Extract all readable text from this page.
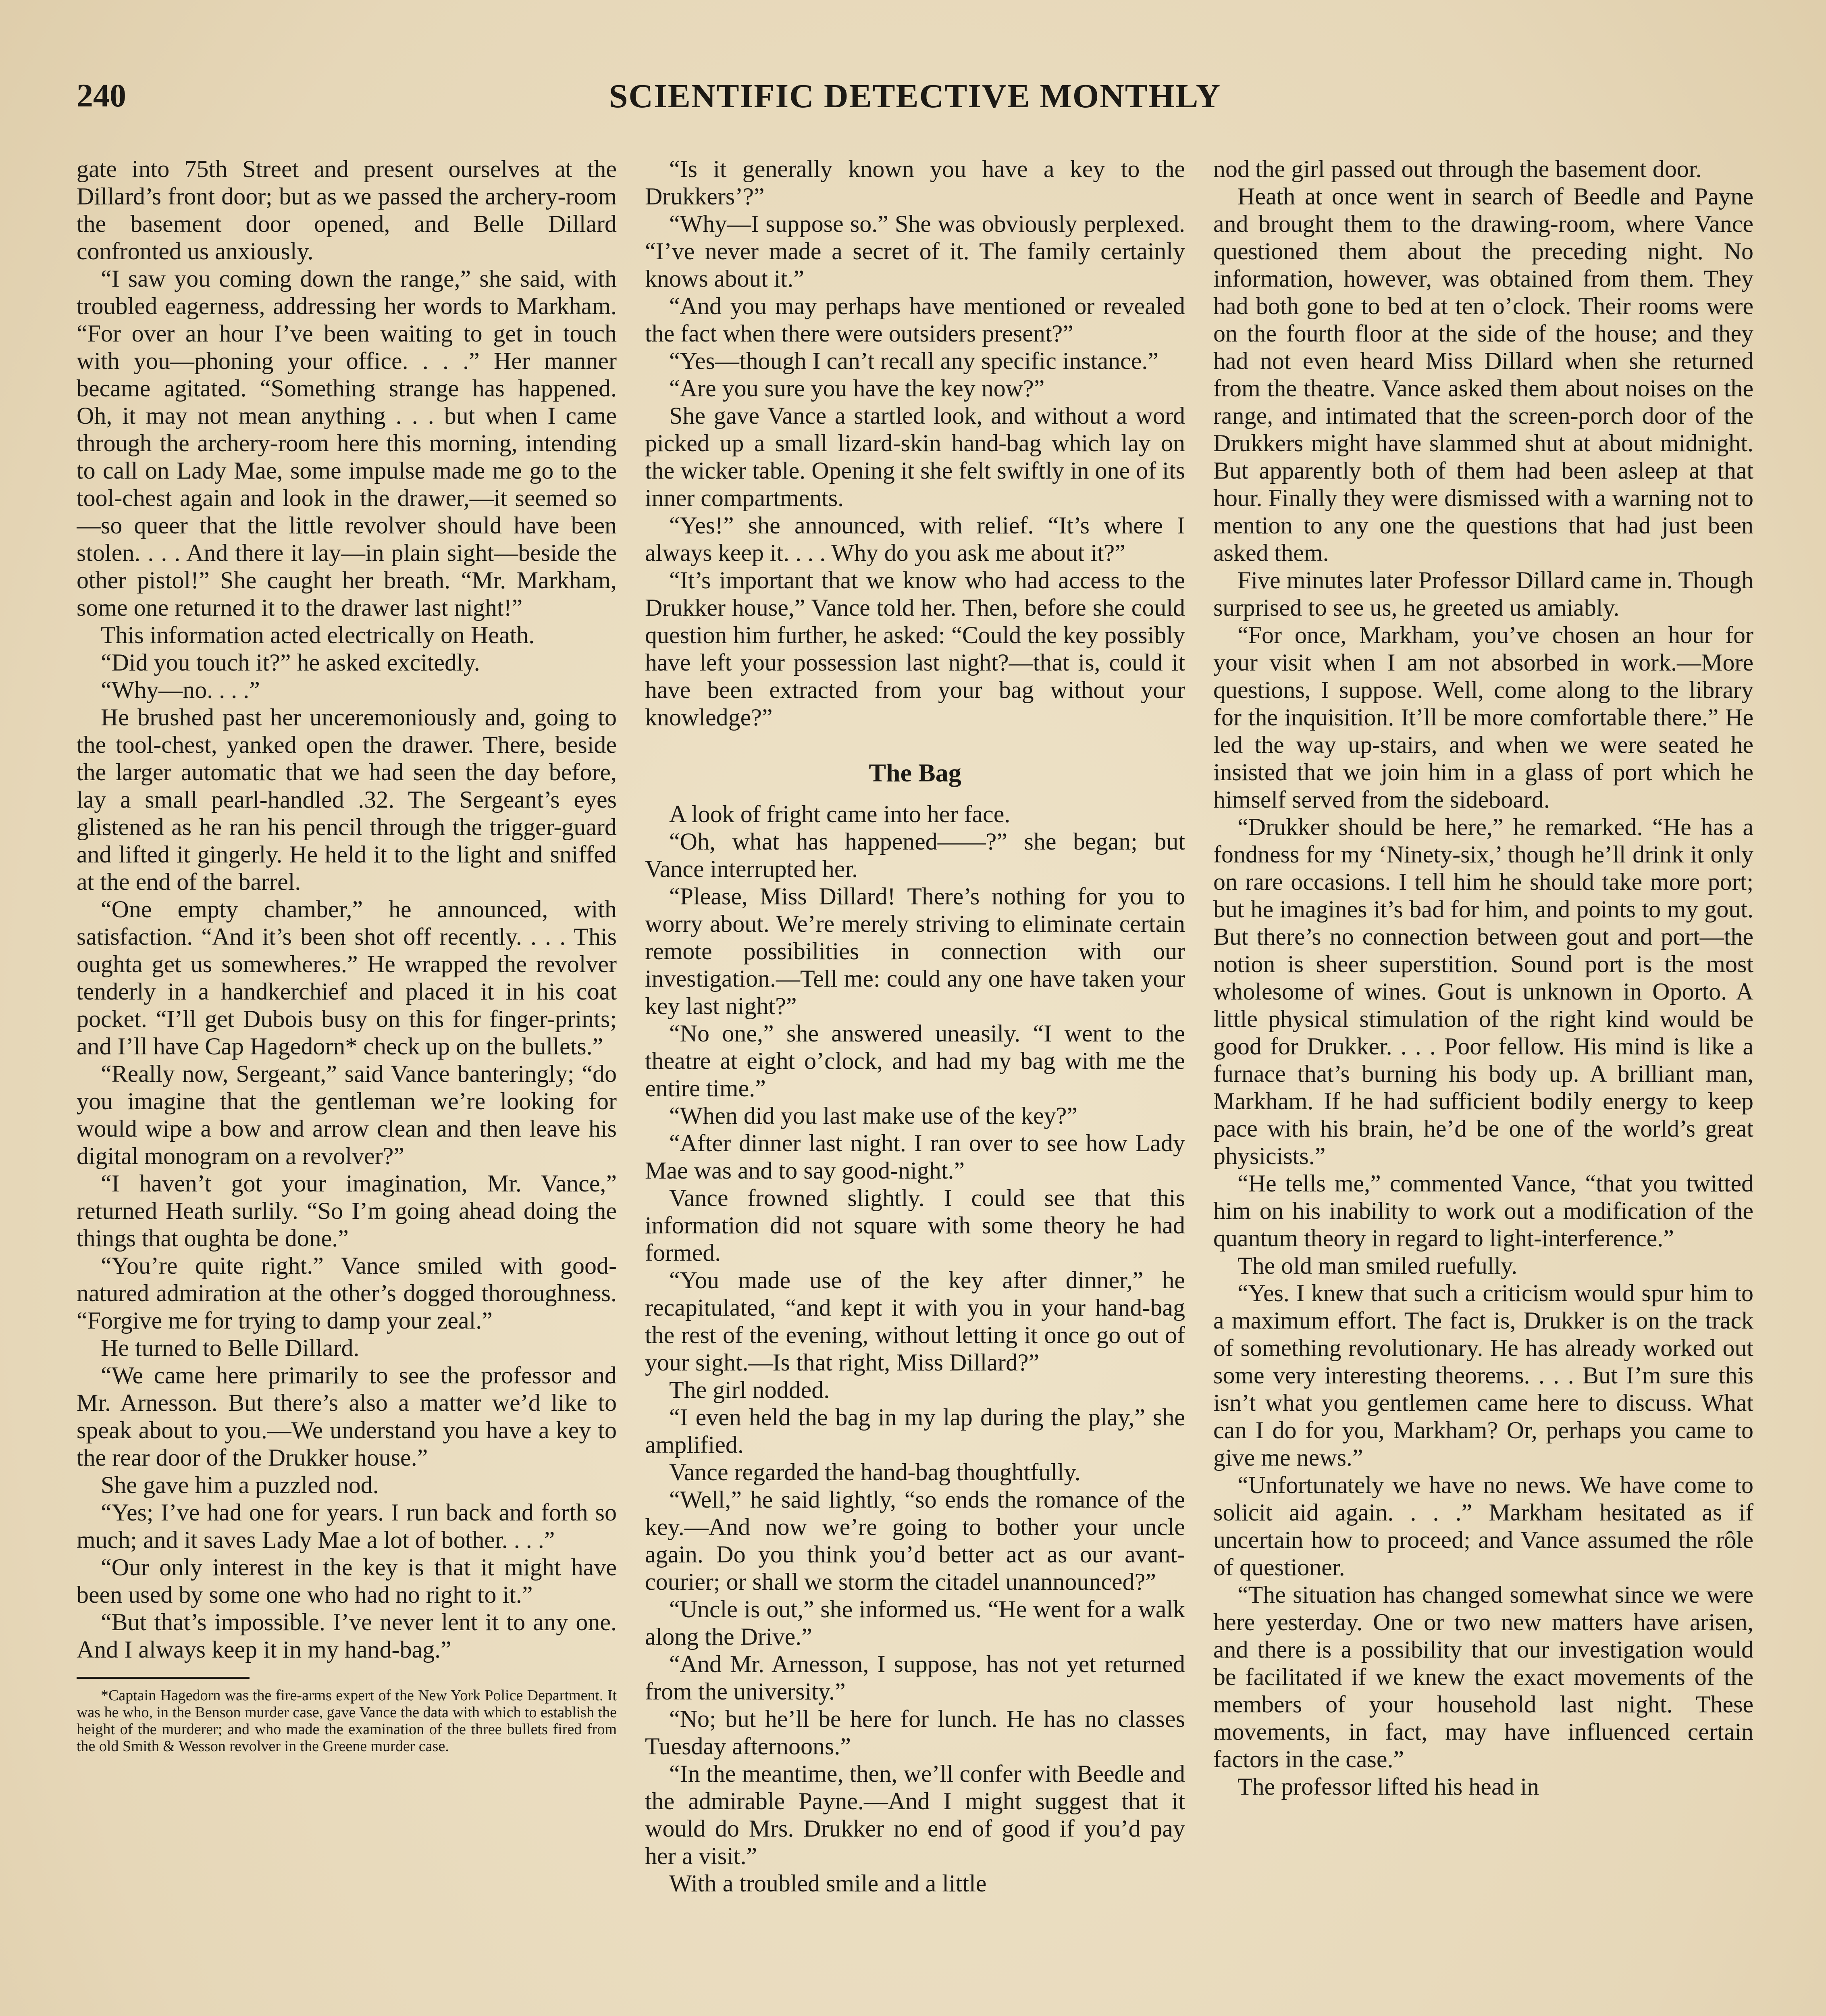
240	SCIENTIFIC DETECTIVE MONTHLY

gate into 75th Street and present ourselves at the Dillard’s front door; but as we passed the archery-room the basement door opened, and Belle Dillard confronted us anxiously.

“I saw you coming down the range,” she said, with troubled eagerness, addressing her words to Markham. “For over an hour I’ve been waiting to get in touch with you—phoning your office. . . .” Her manner became agitated. “Something strange has happened. Oh, it may not mean anything . . . but when I came through the archery-room here this morning, intending to call on Lady Mae, some impulse made me go to the tool-chest again and look in the drawer,—it seemed so—so queer that the little revolver should have been stolen. . . . And there it lay—in plain sight—beside the other pistol!” She caught her breath. “Mr. Markham, some one returned it to the drawer last night!”

This information acted electrically on Heath.

“Did you touch it?” he asked excitedly.

“Why—no. . . .”

He brushed past her unceremoniously and, going to the tool-chest, yanked open the drawer. There, beside the larger automatic that we had seen the day before, lay a small pearl-handled .32. The Sergeant’s eyes glistened as he ran his pencil through the trigger-guard and lifted it gingerly. He held it to the light and sniffed at the end of the barrel.

“One empty chamber,” he announced, with satisfaction. “And it’s been shot off recently. . . . This oughta get us somewheres.” He wrapped the revolver tenderly in a handkerchief and placed it in his coat pocket. “I’ll get Dubois busy on this for finger-prints; and I’ll have Cap Hagedorn* check up on the bullets.”

“Really now, Sergeant,” said Vance banteringly; “do you imagine that the gentleman we’re looking for would wipe a bow and arrow clean and then leave his digital monogram on a revolver?”

“I haven’t got your imagination, Mr. Vance,” returned Heath surlily. “So I’m going ahead doing the things that oughta be done.”

“You’re quite right.” Vance smiled with good-natured admiration at the other’s dogged thoroughness. “Forgive me for trying to damp your zeal.”

He turned to Belle Dillard.

“We came here primarily to see the professor and Mr. Arnesson. But there’s also a matter we’d like to speak about to you.—We understand you have a key to the rear door of the Drukker house.”

She gave him a puzzled nod.

“Yes; I’ve had one for years. I run back and forth so much; and it saves Lady Mae a lot of bother. . . .”

“Our only interest in the key is that it might have been used by some one who had no right to it.”

“But that’s impossible. I’ve never lent it to any one. And I always keep it in my hand-bag.”

*Captain Hagedorn was the fire-arms expert of the New York Police Department. It was he who, in the Benson murder case, gave Vance the data with which to establish the height of the murderer; and who made the examination of the three bullets fired from the old Smith & Wesson revolver in the Greene murder case.

“Is it generally known you have a key to the Drukkers’?”

“Why—I suppose so.” She was obviously perplexed. “I’ve never made a secret of it. The family certainly knows about it.”

“And you may perhaps have mentioned or revealed the fact when there were outsiders present?”

“Yes—though I can’t recall any specific instance.”

“Are you sure you have the key now?”

She gave Vance a startled look, and without a word picked up a small lizard-skin hand-bag which lay on the wicker table. Opening it she felt swiftly in one of its inner compartments.

“Yes!” she announced, with relief. “It’s where I always keep it. . . . Why do you ask me about it?”

“It’s important that we know who had access to the Drukker house,” Vance told her. Then, before she could question him further, he asked: “Could the key possibly have left your possession last night?—that is, could it have been extracted from your bag without your knowledge?”

The Bag

A look of fright came into her face.

“Oh, what has happened——?” she began; but Vance interrupted her.

“Please, Miss Dillard! There’s nothing for you to worry about. We’re merely striving to eliminate certain remote possibilities in connection with our investigation.—Tell me: could any one have taken your key last night?”

“No one,” she answered uneasily. “I went to the theatre at eight o’clock, and had my bag with me the entire time.”

“When did you last make use of the key?”

“After dinner last night. I ran over to see how Lady Mae was and to say good-night.”

Vance frowned slightly. I could see that this information did not square with some theory he had formed.

“You made use of the key after dinner,” he recapitulated, “and kept it with you in your hand-bag the rest of the evening, without letting it once go out of your sight.—Is that right, Miss Dillard?”

The girl nodded.

“I even held the bag in my lap during the play,” she amplified.

Vance regarded the hand-bag thoughtfully.

“Well,” he said lightly, “so ends the romance of the key.—And now we’re going to bother your uncle again. Do you think you’d better act as our avant-courier; or shall we storm the citadel unannounced?”

“Uncle is out,” she informed us. “He went for a walk along the Drive.”

“And Mr. Arnesson, I suppose, has not yet returned from the university.”

“No; but he’ll be here for lunch. He has no classes Tuesday afternoons.”

“In the meantime, then, we’ll confer with Beedle and the admirable Payne.—And I might suggest that it would do Mrs. Drukker no end of good if you’d pay her a visit.”

With a troubled smile and a little

nod the girl passed out through the basement door.

Heath at once went in search of Beedle and Payne and brought them to the drawing-room, where Vance questioned them about the preceding night. No information, however, was obtained from them. They had both gone to bed at ten o’clock. Their rooms were on the fourth floor at the side of the house; and they had not even heard Miss Dillard when she returned from the theatre. Vance asked them about noises on the range, and intimated that the screen-porch door of the Drukkers might have slammed shut at about midnight. But apparently both of them had been asleep at that hour. Finally they were dismissed with a warning not to mention to any one the questions that had just been asked them.

Five minutes later Professor Dillard came in. Though surprised to see us, he greeted us amiably.

“For once, Markham, you’ve chosen an hour for your visit when I am not absorbed in work.—More questions, I suppose. Well, come along to the library for the inquisition. It’ll be more comfortable there.” He led the way up-stairs, and when we were seated he insisted that we join him in a glass of port which he himself served from the sideboard.

“Drukker should be here,” he remarked. “He has a fondness for my ‘Ninety-six,’ though he’ll drink it only on rare occasions. I tell him he should take more port; but he imagines it’s bad for him, and points to my gout. But there’s no connection between gout and port—the notion is sheer superstition. Sound port is the most wholesome of wines. Gout is unknown in Oporto. A little physical stimulation of the right kind would be good for Drukker. . . . Poor fellow. His mind is like a furnace that’s burning his body up. A brilliant man, Markham. If he had sufficient bodily energy to keep pace with his brain, he’d be one of the world’s great physicists.”

“He tells me,” commented Vance, “that you twitted him on his inability to work out a modification of the quantum theory in regard to light-interference.”

The old man smiled ruefully.

“Yes. I knew that such a criticism would spur him to a maximum effort. The fact is, Drukker is on the track of something revolutionary. He has already worked out some very interesting theorems. . . . But I’m sure this isn’t what you gentlemen came here to discuss. What can I do for you, Markham? Or, perhaps you came to give me news.”

“Unfortunately we have no news. We have come to solicit aid again. . . .” Markham hesitated as if uncertain how to proceed; and Vance assumed the rôle of questioner.

“The situation has changed somewhat since we were here yesterday. One or two new matters have arisen, and there is a possibility that our investigation would be facilitated if we knew the exact movements of the members of your household last night. These movements, in fact, may have influenced certain factors in the case.”

The professor lifted his head in
